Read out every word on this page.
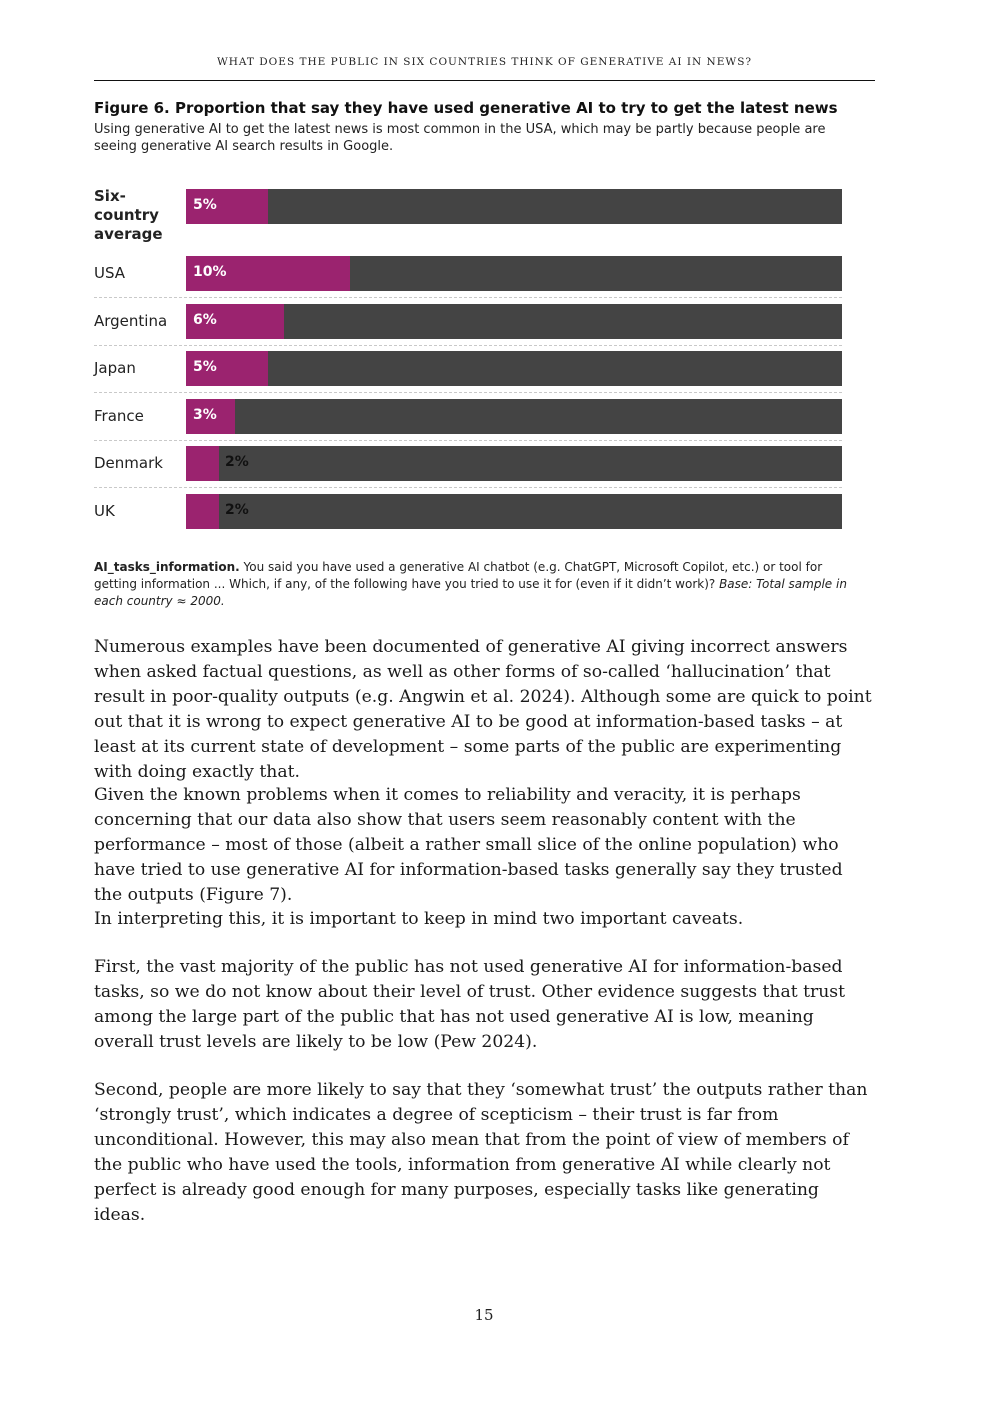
WHAT DOES THE PUBLIC IN SIX COUNTRIES THINK OF GENERATIVE AI IN NEWS?
Figure 6. Proportion that say they have used generative AI to try to get the latest news
Using generative AI to get the latest news is most common in the USA, which may be partly because people are seeing generative AI search results in Google.
Six-country average
5%
USA	10%
Argentina 6%
Japan	5%
France	3%
Denmark	2%
UK	2%
AI_tasks_information. You said you have used a generative AI chatbot (e.g. ChatGPT, Microsoft Copilot, etc.) or tool for getting information ... Which, if any, of the following have you tried to use it for (even if it didn’t work)? Base: Total sample in each country ≈ 2000.

Numerous examples have been documented of generative AI giving incorrect answers when asked factual questions, as well as other forms of so-called ‘hallucination’ that result in poor-quality outputs (e.g. Angwin et al. 2024). Although some are quick to point out that it is wrong to expect generative AI to be good at information-based tasks – at least at its current state of development – some parts of the public are experimenting with doing exactly that.

Given the known problems when it comes to reliability and veracity, it is perhaps concerning that our data also show that users seem reasonably content with the performance – most of those (albeit a rather small slice of the online population) who have tried to use generative AI for information-based tasks generally say they trusted the outputs (Figure 7).

In interpreting this, it is important to keep in mind two important caveats.

First, the vast majority of the public has not used generative AI for information-based tasks, so we do not know about their level of trust. Other evidence suggests that trust among the large part of the public that has not used generative AI is low, meaning overall trust levels are likely to be low (Pew 2024).

Second, people are more likely to say that they ‘somewhat trust’ the outputs rather than ‘strongly trust’, which indicates a degree of scepticism – their trust is far from unconditional. However, this may also mean that from the point of view of members of the public who have used the tools, information from generative AI while clearly not perfect is already good enough for many purposes, especially tasks like generating ideas.

15
